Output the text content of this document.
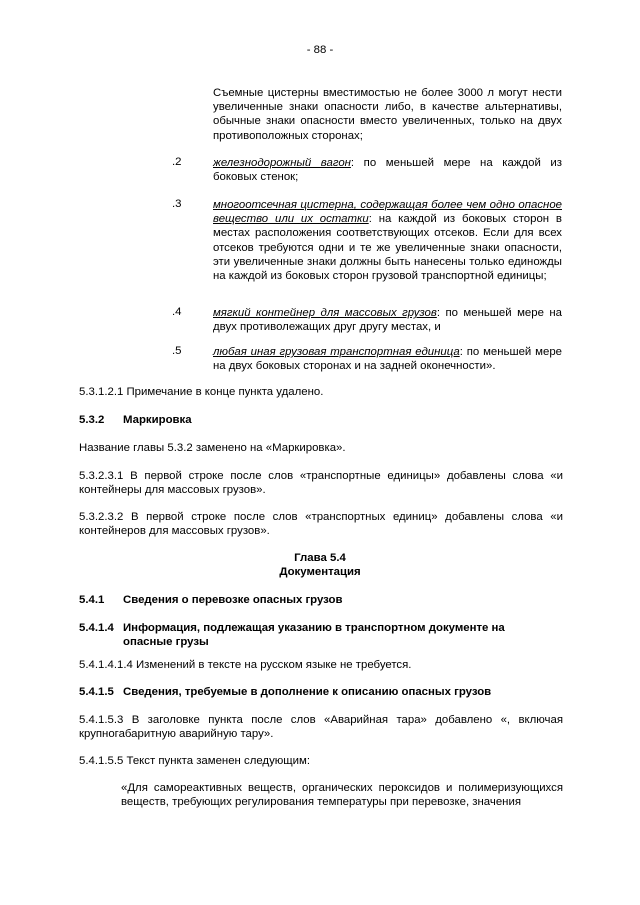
- 88 -
Съемные цистерны вместимостью не более 3000 л могут нести увеличенные знаки опасности либо, в качестве альтернативы, обычные знаки опасности вместо увеличенных, только на двух противоположных сторонах;
.2	железнодорожный вагон: по меньшей мере на каждой из боковых стенок;
.3	многоотсечная цистерна, содержащая более чем одно опасное вещество или их остатки: на каждой из боковых сторон в местах расположения соответствующих отсеков. Если для всех отсеков требуются одни и те же увеличенные знаки опасности, эти увеличенные знаки должны быть нанесены только единожды на каждой из боковых сторон грузовой транспортной единицы;
.4	мягкий контейнер для массовых грузов: по меньшей мере на двух противолежащих друг другу местах, и
.5	любая иная грузовая транспортная единица: по меньшей мере на двух боковых сторонах и на задней оконечности».
5.3.1.2.1 Примечание в конце пункта удалено.
5.3.2 Маркировка
Название главы 5.3.2 заменено на «Маркировка».
5.3.2.3.1 В первой строке после слов «транспортные единицы» добавлены слова «и контейнеры для массовых грузов».
5.3.2.3.2 В первой строке после слов «транспортных единиц» добавлены слова «и контейнеров для массовых грузов».
Глава 5.4
Документация
5.4.1 Сведения о перевозке опасных грузов
5.4.1.4 Информация, подлежащая указанию в транспортном документе на опасные грузы
5.4.1.4.1.4 Изменений в тексте на русском языке не требуется.
5.4.1.5 Сведения, требуемые в дополнение к описанию опасных грузов
5.4.1.5.3 В заголовке пункта после слов «Аварийная тара» добавлено «, включая крупногабаритную аварийную тару».
5.4.1.5.5 Текст пункта заменен следующим:
«Для самореактивных веществ, органических пероксидов и полимеризующихся веществ, требующих регулирования температуры при перевозке, значения
